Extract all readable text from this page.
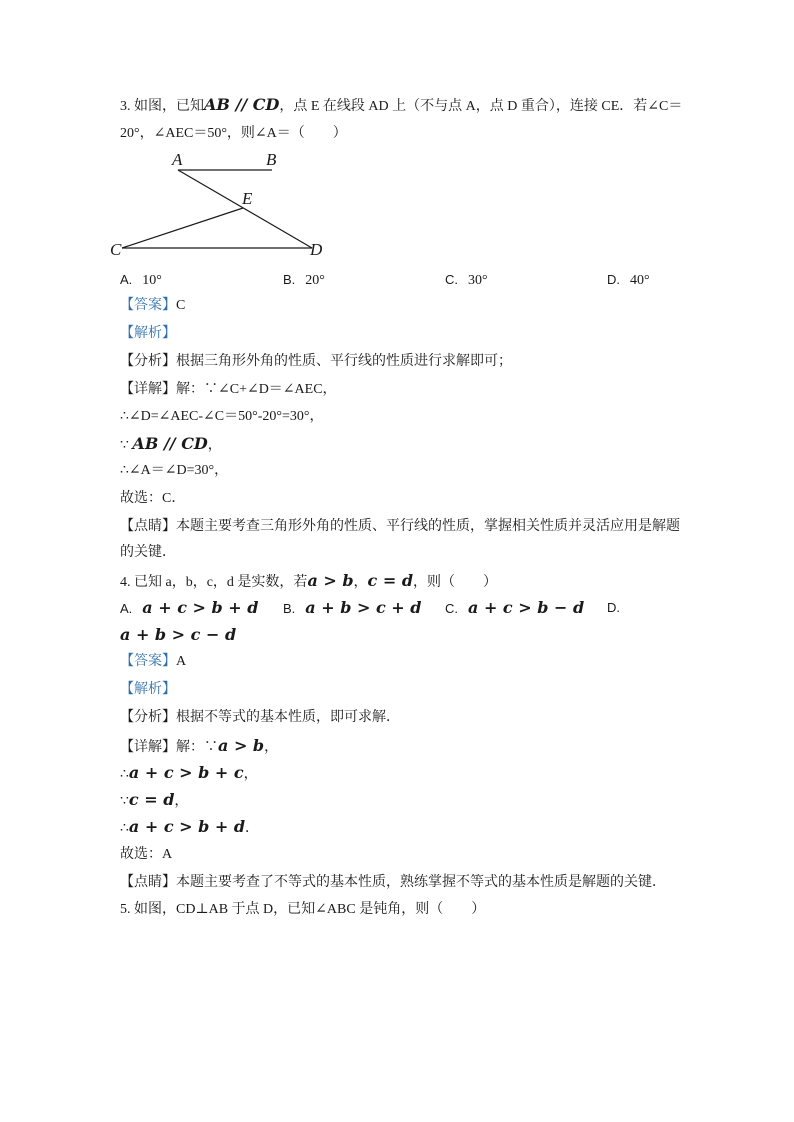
3. 如图，已知AB // CD，点 E 在线段 AD 上（不与点 A，点 D 重合），连接 CE．若∠C＝
20°，∠AEC＝50°，则∠A＝（　　）
A	B
E
C	D
A. 10°	B. 20°	C. 30°	D. 40°
【答案】C
【解析】
【分析】根据三角形外角的性质、平行线的性质进行求解即可；
【详解】解：∵∠C+∠D＝∠AEC，
∴∠D=∠AEC-∠C＝50°-20°=30°，
∵ AB // CD，
∴∠A＝∠D=30°，
故选：C．
【点睛】本题主要考查三角形外角的性质、平行线的性质，掌握相关性质并灵活应用是解题
的关键．
4. 已知 a，b，c，d 是实数，若a > b，c = d，则（　　）
A. a + c > b + d B. a + b > c + d C. a + c > b − d D.
a + b > c − d
【答案】A
【解析】
【分析】根据不等式的基本性质，即可求解．
【详解】解：∵a > b，
∴a + c > b + c，
∵c = d，
∴a + c > b + d．
故选：A
【点睛】本题主要考查了不等式的基本性质，熟练掌握不等式的基本性质是解题的关键．
5. 如图，CD⊥AB 于点 D，已知∠ABC 是钝角，则（　　）
